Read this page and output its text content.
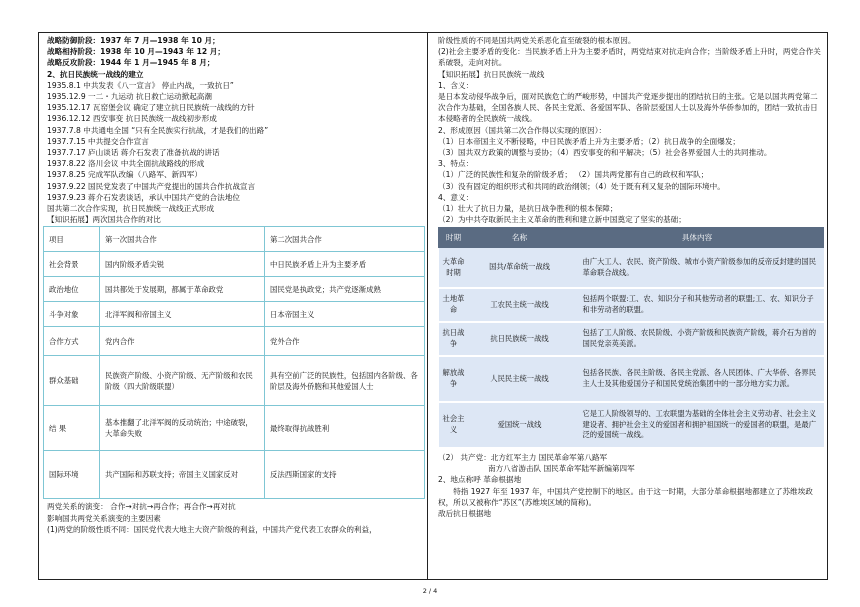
战略防御阶段：1937 年 7 月—1938 年 10 月；
战略相持阶段：1938 年 10 月—1943 年 12 月；
战略反攻阶段：1944 年 1 月—1945 年 8 月；
2、抗日民族统一战线的建立
1935.8.1 中共发表《八一宣言》 停止内战，一致抗日”
1935.12.9 一二・九运动 抗日救亡运动掀起高潮
1935.12.17 瓦窑堡会议 确定了建立抗日民族统一战线的方针
1936.12.12 西安事变 抗日民族统一战线初步形成
1937.7.8 中共通电全国 “只有全民族实行抗战，才是我们的出路”
1937.7.15 中共提交合作宣言
1937.7.17 庐山谈话 蒋介石发表了准备抗战的讲话
1937.8.22 洛川会议 中共全面抗战路线的形成
1937.8.25 完成军队改编（八路军、新四军）
1937.9.22 国民党发表了中国共产党提出的国共合作抗战宣言
1937.9.23 蒋介石发表谈话，承认中国共产党的合法地位
国共第二次合作实现，抗日民族统一战线正式形成
【知识拓展】两次国共合作的对比
项目	第一次国共合作	第二次国共合作
社会背景	国内阶级矛盾尖锐	中日民族矛盾上升为主要矛盾
政治地位	国共都处于发展期，都属于革命政党	国民党是执政党；共产党逐渐成熟
斗争对象	北洋军阀和帝国主义	日本帝国主义
合作方式	党内合作	党外合作
群众基础	民族资产阶级、小资产阶级、无产阶级和农民阶级（四大阶级联盟）	具有空前广泛的民族性，包括国内各阶级、各阶层及海外侨胞和其他爱国人士
结 果	基本推翻了北洋军阀的反动统治；中途破裂，大革命失败	最终取得抗战胜利
国际环境	共产国际和苏联支持；帝国主义国家反对	反法西斯国家的支持
两党关系的演变： 合作→对抗→再合作；再合作→再对抗
影响国共两党关系演变的主要因素
(1)两党的阶级性质不同：国民党代表大地主大资产阶级的利益，中国共产党代表工农群众的利益，
阶级性质的不同是国共两党关系恶化直至破裂的根本原因。
(2)社会主要矛盾的变化：当民族矛盾上升为主要矛盾时，两党结束对抗走向合作；当阶级矛盾上升时，两党合作关系破裂，走向对抗。
【知识拓展】抗日民族统一战线
1、含义：
是日本发动侵华战争后，面对民族危亡的严峻形势，中国共产党逐步提出的团结抗日的主张。它是以国共两党第二次合作为基础，全国各族人民、各民主党派、各爱国军队、各阶层爱国人士以及海外华侨参加的，团结一致抗击日本侵略者的全民族统一战线。
2、形成原因（国共第二次合作得以实现的原因）：
（1）日本帝国主义不断侵略，中日民族矛盾上升为主要矛盾；（2）抗日战争的全面爆发；
（3）国共双方政策的调整与妥协；（4）西安事变的和平解决；（5）社会各界爱国人士的共同推动。
3、特点：
（1）广泛的民族性和复杂的阶级矛盾； （2）国共两党都有自己的政权和军队；
（3）没有固定的组织形式和共同的政治纲领；（4）处于既有利又复杂的国际环境中。
4、意义：
（1）壮大了抗日力量，是抗日战争胜利的根本保障；
（2）为中共夺取新民主主义革命的胜利和建立新中国奠定了坚实的基础；
时期	名称	具体内容
大革命时期	国共/革命统一战线	由广大工人、农民、资产阶级、城市小资产阶级参加的反帝反封建的国民革命联合战线。
土地革命	工农民主统一战线	包括两个联盟:工、农、知识分子和其他劳动者的联盟;工、农、知识分子和非劳动者的联盟。
抗日战争	抗日民族统一战线	包括了工人阶级、农民阶级、小资产阶级和民族资产阶级，蒋介石为首的国民党亲英美派。
解放战争	人民民主统一战线	包括各民族、各民主阶级、各民主党派、各人民团体、广大华侨、各界民主人士及其他爱国分子和国民党统治集团中的一部分地方实力派。
社会主义	爱国统一战线	它是工人阶级领导的、工农联盟为基础的全体社会主义劳动者、社会主义建设者、拥护社会主义的爱国者和拥护祖国统一的爱国者的联盟，是最广泛的爱国统一战线。
（2） 共产党：北方红军主力 国民革命军第八路军
南方八省游击队 国民革命军陆军新编第四军
2、地点称呼 革命根据地
特指 1927 年至 1937 年，中国共产党控制下的地区。由于这一时期，大部分革命根据地都建立了苏维埃政权，所以又被称作“苏区”(苏维埃区域的简称)。
敌后抗日根据地
2 / 4
